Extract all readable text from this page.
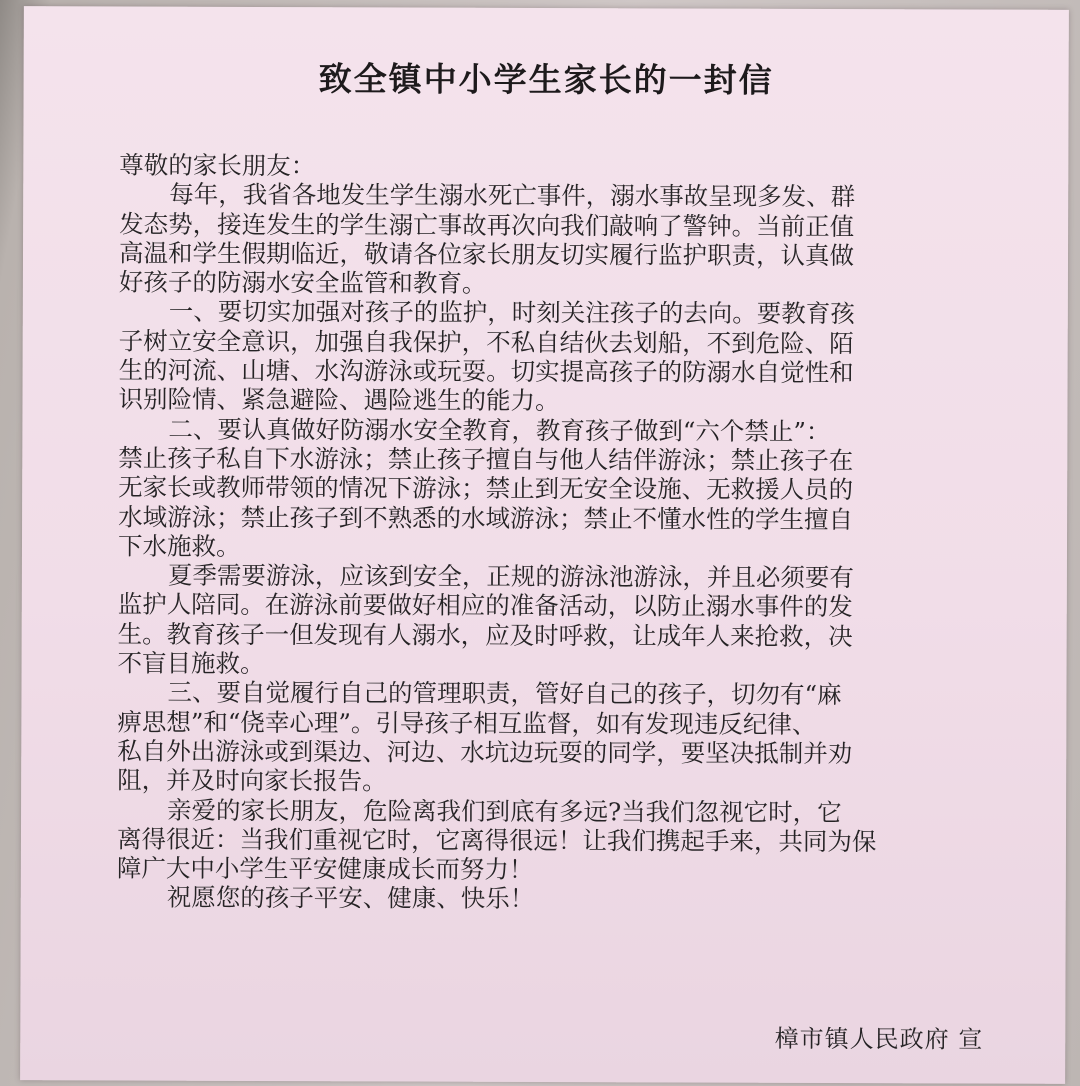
致全镇中小学生家长的一封信

尊敬的家长朋友：

每年，我省各地发生学生溺水死亡事件，溺水事故呈现多发、群

发态势，接连发生的学生溺亡事故再次向我们敲响了警钟。当前正值

高温和学生假期临近，敬请各位家长朋友切实履行监护职责，认真做

好孩子的防溺水安全监管和教育。

一、要切实加强对孩子的监护，时刻关注孩子的去向。要教育孩

子树立安全意识，加强自我保护，不私自结伙去划船，不到危险、陌

生的河流、山塘、水沟游泳或玩耍。切实提高孩子的防溺水自觉性和

识别险情、紧急避险、遇险逃生的能力。

二、要认真做好防溺水安全教育，教育孩子做到“六个禁止”：

禁止孩子私自下水游泳；禁止孩子擅自与他人结伴游泳；禁止孩子在

无家长或教师带领的情况下游泳；禁止到无安全设施、无救援人员的

水域游泳；禁止孩子到不熟悉的水域游泳；禁止不懂水性的学生擅自

下水施救。

夏季需要游泳，应该到安全，正规的游泳池游泳，并且必须要有

监护人陪同。在游泳前要做好相应的准备活动，以防止溺水事件的发

生。教育孩子一但发现有人溺水，应及时呼救，让成年人来抢救，决

不盲目施救。

三、要自觉履行自己的管理职责，管好自己的孩子，切勿有“麻

痹思想”和“侥幸心理”。引导孩子相互监督，如有发现违反纪律、

私自外出游泳或到渠边、河边、水坑边玩耍的同学，要坚决抵制并劝

阻，并及时向家长报告。

亲爱的家长朋友，危险离我们到底有多远?当我们忽视它时，它

离得很近：当我们重视它时，它离得很远！让我们携起手来，共同为保

障广大中小学生平安健康成长而努力！

祝愿您的孩子平安、健康、快乐！

樟市镇人民政府 宣
